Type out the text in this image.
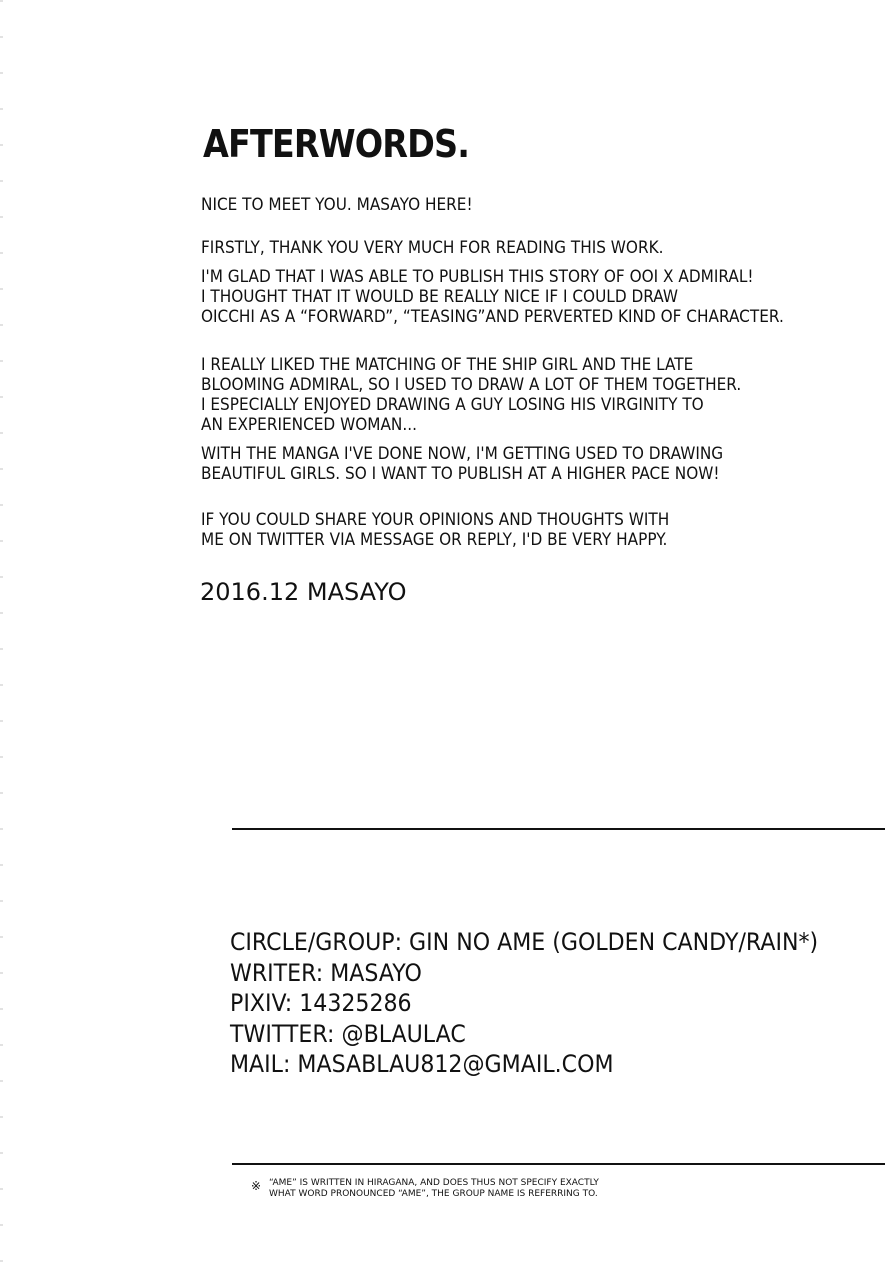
AFTERWORDS.
NICE TO MEET YOU. MASAYO HERE!
FIRSTLY, THANK YOU VERY MUCH FOR READING THIS WORK.
I'M GLAD THAT I WAS ABLE TO PUBLISH THIS STORY OF OOI X ADMIRAL!
I THOUGHT THAT IT WOULD BE REALLY NICE IF I COULD DRAW
OICCHI AS A “FORWARD”, “TEASING”AND PERVERTED KIND OF CHARACTER.
I REALLY LIKED THE MATCHING OF THE SHIP GIRL AND THE LATE
BLOOMING ADMIRAL, SO I USED TO DRAW A LOT OF THEM TOGETHER.
I ESPECIALLY ENJOYED DRAWING A GUY LOSING HIS VIRGINITY TO
AN EXPERIENCED WOMAN...
WITH THE MANGA I'VE DONE NOW, I'M GETTING USED TO DRAWING
BEAUTIFUL GIRLS. SO I WANT TO PUBLISH AT A HIGHER PACE NOW!
IF YOU COULD SHARE YOUR OPINIONS AND THOUGHTS WITH
ME ON TWITTER VIA MESSAGE OR REPLY, I'D BE VERY HAPPY.
2016.12 MASAYO
CIRCLE/GROUP: GIN NO AME (GOLDEN CANDY/RAIN*)
WRITER: MASAYO
PIXIV: 14325286
TWITTER: @BLAULAC
MAIL: MASABLAU812@GMAIL.COM
※ “AME” IS WRITTEN IN HIRAGANA, AND DOES THUS NOT SPECIFY EXACTLY
WHAT WORD PRONOUNCED “AME”, THE GROUP NAME IS REFERRING TO.
